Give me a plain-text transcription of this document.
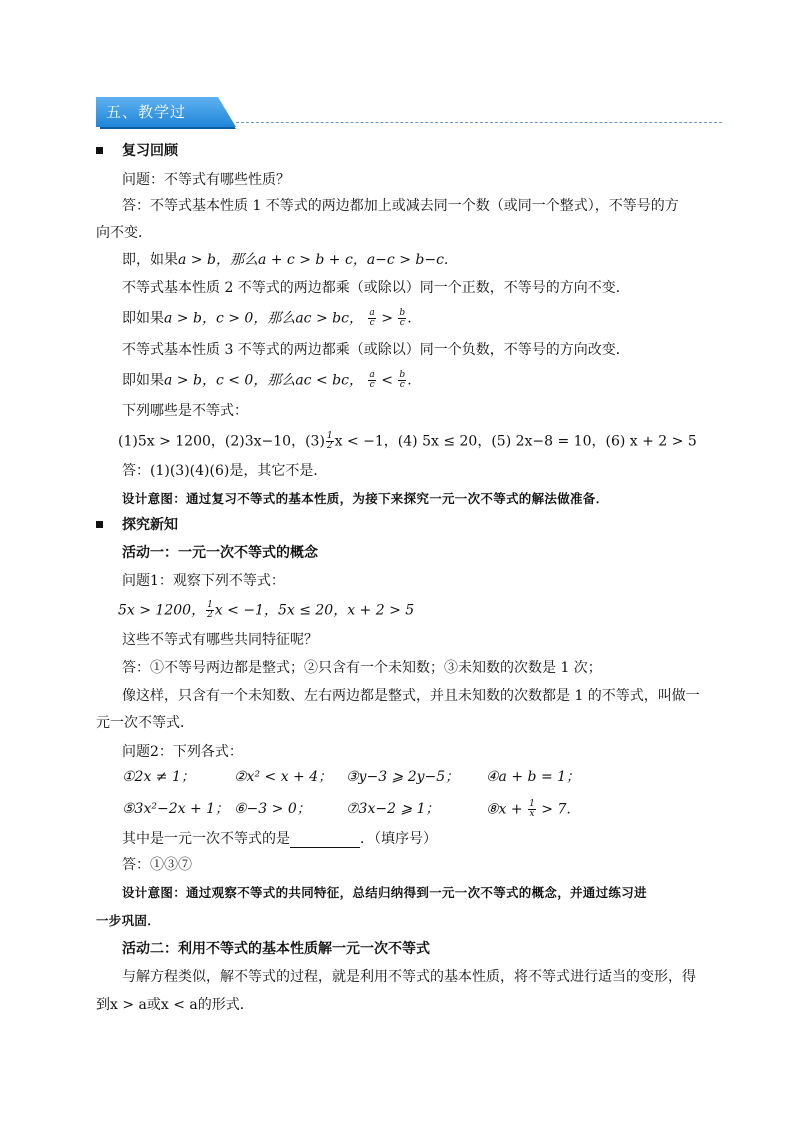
五、教学过
复习回顾
问题：不等式有哪些性质？
答：不等式基本性质 1 不等式的两边都加上或减去同一个数（或同一个整式），不等号的方
向不变．
即，如果a > b，那么a + c > b + c，a−c > b−c.
不等式基本性质 2 不等式的两边都乘（或除以）同一个正数，不等号的方向不变．
即如果a > b，c > 0，那么ac > bc， $\frac{a}{c} > \frac{b}{c}$ .
不等式基本性质 3 不等式的两边都乘（或除以）同一个负数，不等号的方向改变．
即如果a > b，c < 0，那么ac < bc， $\frac{a}{c} < \frac{b}{c}$ .
下列哪些是不等式：
(1)5x > 1200，(2)3x−10，$(3) \frac{1}{2}$ x < −1，(4) 5x ≤ 20，(5) 2x−8 = 10，(6) x + 2 > 5
答：(1)(3)(4)(6)是，其它不是．
设计意图：通过复习不等式的基本性质，为接下来探究一元一次不等式的解法做准备．
探究新知
活动一：一元一次不等式的概念
问题1：观察下列不等式：
5x > 1200， $\frac{1}{2}$ x < −1，5x ≤ 20，x + 2 > 5
这些不等式有哪些共同特征呢？
答：①不等号两边都是整式；②只含有一个未知数；③未知数的次数是 1 次；
像这样，只含有一个未知数、左右两边都是整式，并且未知数的次数都是 1 的不等式，叫做一
元一次不等式．
问题2：下列各式：
①2x ≠ 1；	②x² < x + 4； ③y−3 ⩾ 2y−5； ④a + b = 1；
⑤3x²−2x + 1； ⑥−3 > 0；	⑦3x−2 ⩾ 1；	⑧x + $\frac{1}{x} > 7$.
其中是一元一次不等式的是	．（填序号）
答：①③⑦
设计意图：通过观察不等式的共同特征，总结归纳得到一元一次不等式的概念，并通过练习进
一步巩固．
活动二：利用不等式的基本性质解一元一次不等式
与解方程类似，解不等式的过程，就是利用不等式的基本性质，将不等式进行适当的变形，得
到x > a或x < a的形式．
